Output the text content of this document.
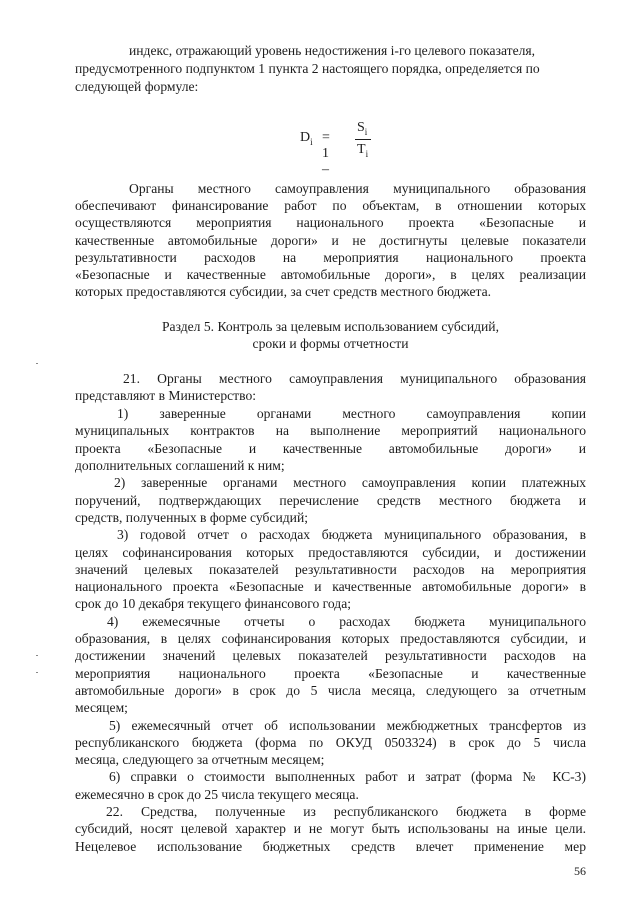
индекс, отражающий уровень недостижения i-го целевого показателя,
предусмотренного подпунктом 1 пункта 2 настоящего порядка, определяется по
следующей формуле:
$D_i = 1$ –
$S_i$
$T_i$
Органы местного самоуправления муниципального образования
обеспечивают финансирование работ по объектам, в отношении которых
осуществляются мероприятия национального проекта «Безопасные и
качественные автомобильные дороги» и не достигнуты целевые показатели
результативности расходов на мероприятия национального проекта
«Безопасные и качественные автомобильные дороги», в целях реализации
которых предоставляются субсидии, за счет средств местного бюджета.
Раздел 5. Контроль за целевым использованием субсидий,
сроки и формы отчетности
21. Органы местного самоуправления муниципального образования
представляют в Министерство:
1) заверенные органами местного самоуправления копии
муниципальных контрактов на выполнение мероприятий национального
проекта «Безопасные и качественные автомобильные дороги» и
дополнительных соглашений к ним;
2) заверенные органами местного самоуправления копии платежных
поручений, подтверждающих перечисление средств местного бюджета и
средств, полученных в форме субсидий;
3) годовой отчет о расходах бюджета муниципального образования, в
целях софинансирования которых предоставляются субсидии, и достижении
значений целевых показателей результативности расходов на мероприятия
национального проекта «Безопасные и качественные автомобильные дороги» в
срок до 10 декабря текущего финансового года;
4) ежемесячные отчеты о расходах бюджета муниципального
образования, в целях софинансирования которых предоставляются субсидии, и
достижении значений целевых показателей результативности расходов на
мероприятия национального проекта «Безопасные и качественные
автомобильные дороги» в срок до 5 числа месяца, следующего за отчетным
месяцем;
5) ежемесячный отчет об использовании межбюджетных трансфертов из
республиканского бюджета (форма по ОКУД 0503324) в срок до 5 числа
месяца, следующего за отчетным месяцем;
6) справки о стоимости выполненных работ и затрат (форма № КС-3)
ежемесячно в срок до 25 числа текущего месяца.
22. Средства, полученные из республиканского бюджета в форме
субсидий, носят целевой характер и не могут быть использованы на иные цели.
Нецелевое использование бюджетных средств влечет применение мер
56
